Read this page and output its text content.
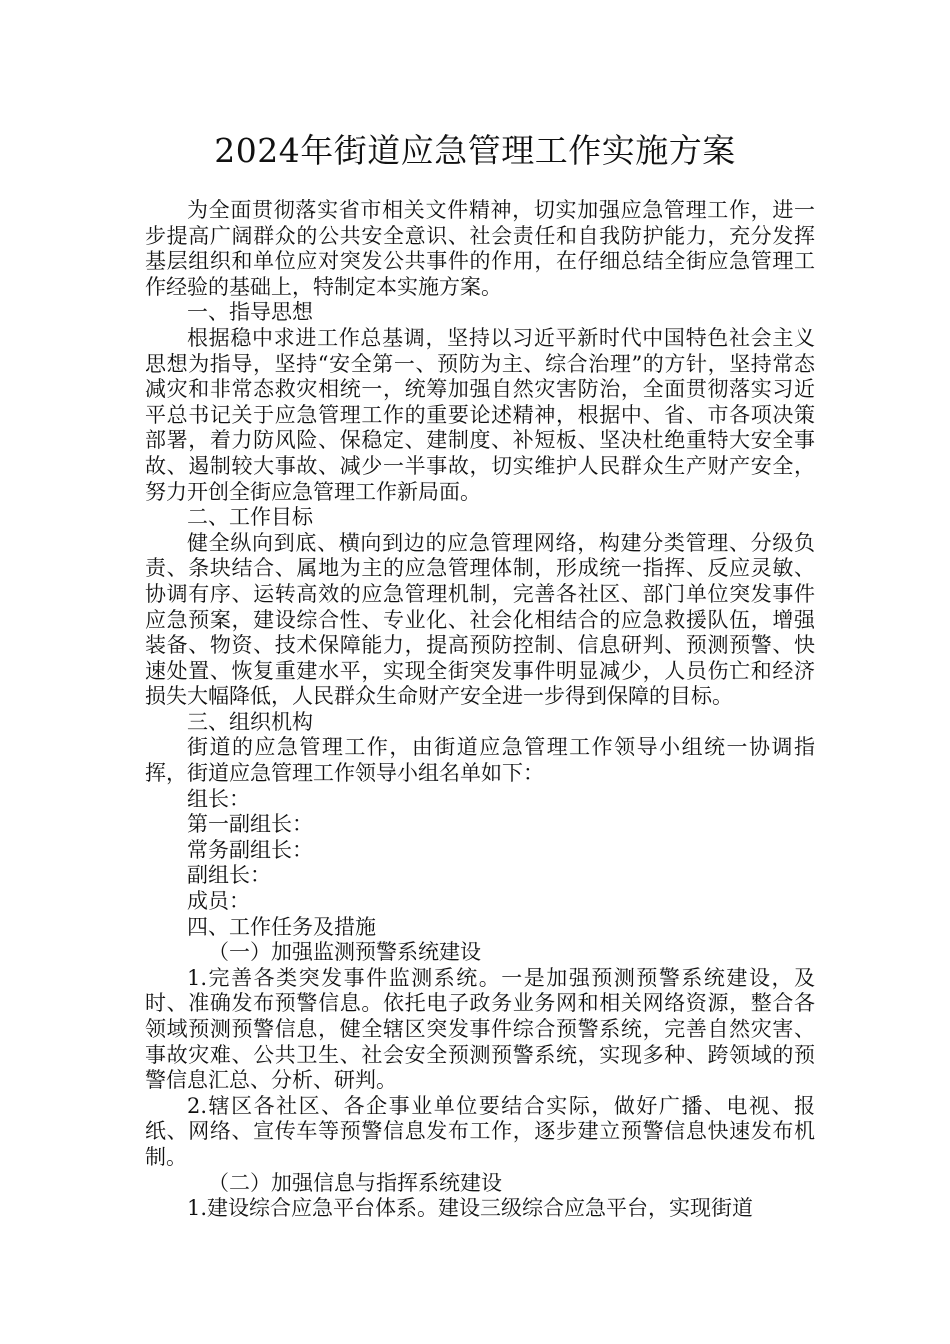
2024年街道应急管理工作实施方案

为全面贯彻落实省市相关文件精神，切实加强应急管理工作，进一步提高广阔群众的公共安全意识、社会责任和自我防护能力，充分发挥基层组织和单位应对突发公共事件的作用，在仔细总结全街应急管理工作经验的基础上，特制定本实施方案。

一、指导思想

根据稳中求进工作总基调，坚持以习近平新时代中国特色社会主义思想为指导，坚持“安全第一、预防为主、综合治理”的方针，坚持常态减灾和非常态救灾相统一，统筹加强自然灾害防治，全面贯彻落实习近平总书记关于应急管理工作的重要论述精神，根据中、省、市各项决策部署，着力防风险、保稳定、建制度、补短板、坚决杜绝重特大安全事故、遏制较大事故、减少一半事故，切实维护人民群众生产财产安全，努力开创全街应急管理工作新局面。

二、工作目标

健全纵向到底、横向到边的应急管理网络，构建分类管理、分级负责、条块结合、属地为主的应急管理体制，形成统一指挥、反应灵敏、协调有序、运转高效的应急管理机制，完善各社区、部门单位突发事件应急预案，建设综合性、专业化、社会化相结合的应急救援队伍，增强装备、物资、技术保障能力，提高预防控制、信息研判、预测预警、快速处置、恢复重建水平，实现全街突发事件明显减少，人员伤亡和经济损失大幅降低，人民群众生命财产安全进一步得到保障的目标。

三、组织机构

街道的应急管理工作，由街道应急管理工作领导小组统一协调指挥，街道应急管理工作领导小组名单如下：

组长：

第一副组长：

常务副组长：

副组长：

成员：

四、工作任务及措施

（一）加强监测预警系统建设

1.完善各类突发事件监测系统。一是加强预测预警系统建设，及时、准确发布预警信息。依托电子政务业务网和相关网络资源，整合各领域预测预警信息，健全辖区突发事件综合预警系统，完善自然灾害、事故灾难、公共卫生、社会安全预测预警系统，实现多种、跨领域的预警信息汇总、分析、研判。

2.辖区各社区、各企事业单位要结合实际，做好广播、电视、报纸、网络、宣传车等预警信息发布工作，逐步建立预警信息快速发布机制。

（二）加强信息与指挥系统建设

1.建设综合应急平台体系。建设三级综合应急平台，实现街道
